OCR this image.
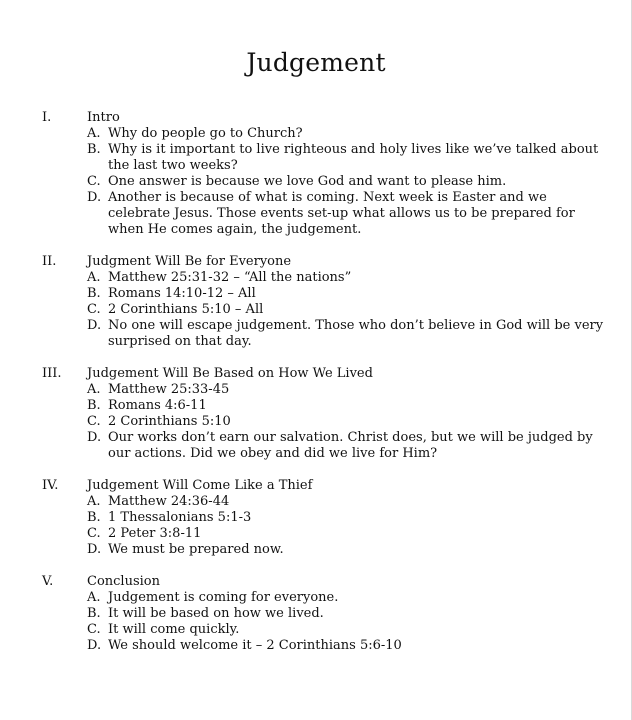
Judgement
I.	Intro
A. Why do people go to Church?
B. Why is it important to live righteous and holy lives like we’ve talked about the last two weeks?
C. One answer is because we love God and want to please him.
D. Another is because of what is coming. Next week is Easter and we celebrate Jesus. Those events set-up what allows us to be prepared for when He comes again, the judgement.
II.	Judgment Will Be for Everyone
A. Matthew 25:31-32 – “All the nations”
B. Romans 14:10-12 – All
C. 2 Corinthians 5:10 – All
D. No one will escape judgement. Those who don’t believe in God will be very surprised on that day.
III.	Judgement Will Be Based on How We Lived
A. Matthew 25:33-45
B. Romans 4:6-11
C. 2 Corinthians 5:10
D. Our works don’t earn our salvation. Christ does, but we will be judged by our actions. Did we obey and did we live for Him?
IV.	Judgement Will Come Like a Thief
A. Matthew 24:36-44
B. 1 Thessalonians 5:1-3
C. 2 Peter 3:8-11
D. We must be prepared now.
V.	Conclusion
A. Judgement is coming for everyone.
B. It will be based on how we lived.
C. It will come quickly.
D. We should welcome it – 2 Corinthians 5:6-10
